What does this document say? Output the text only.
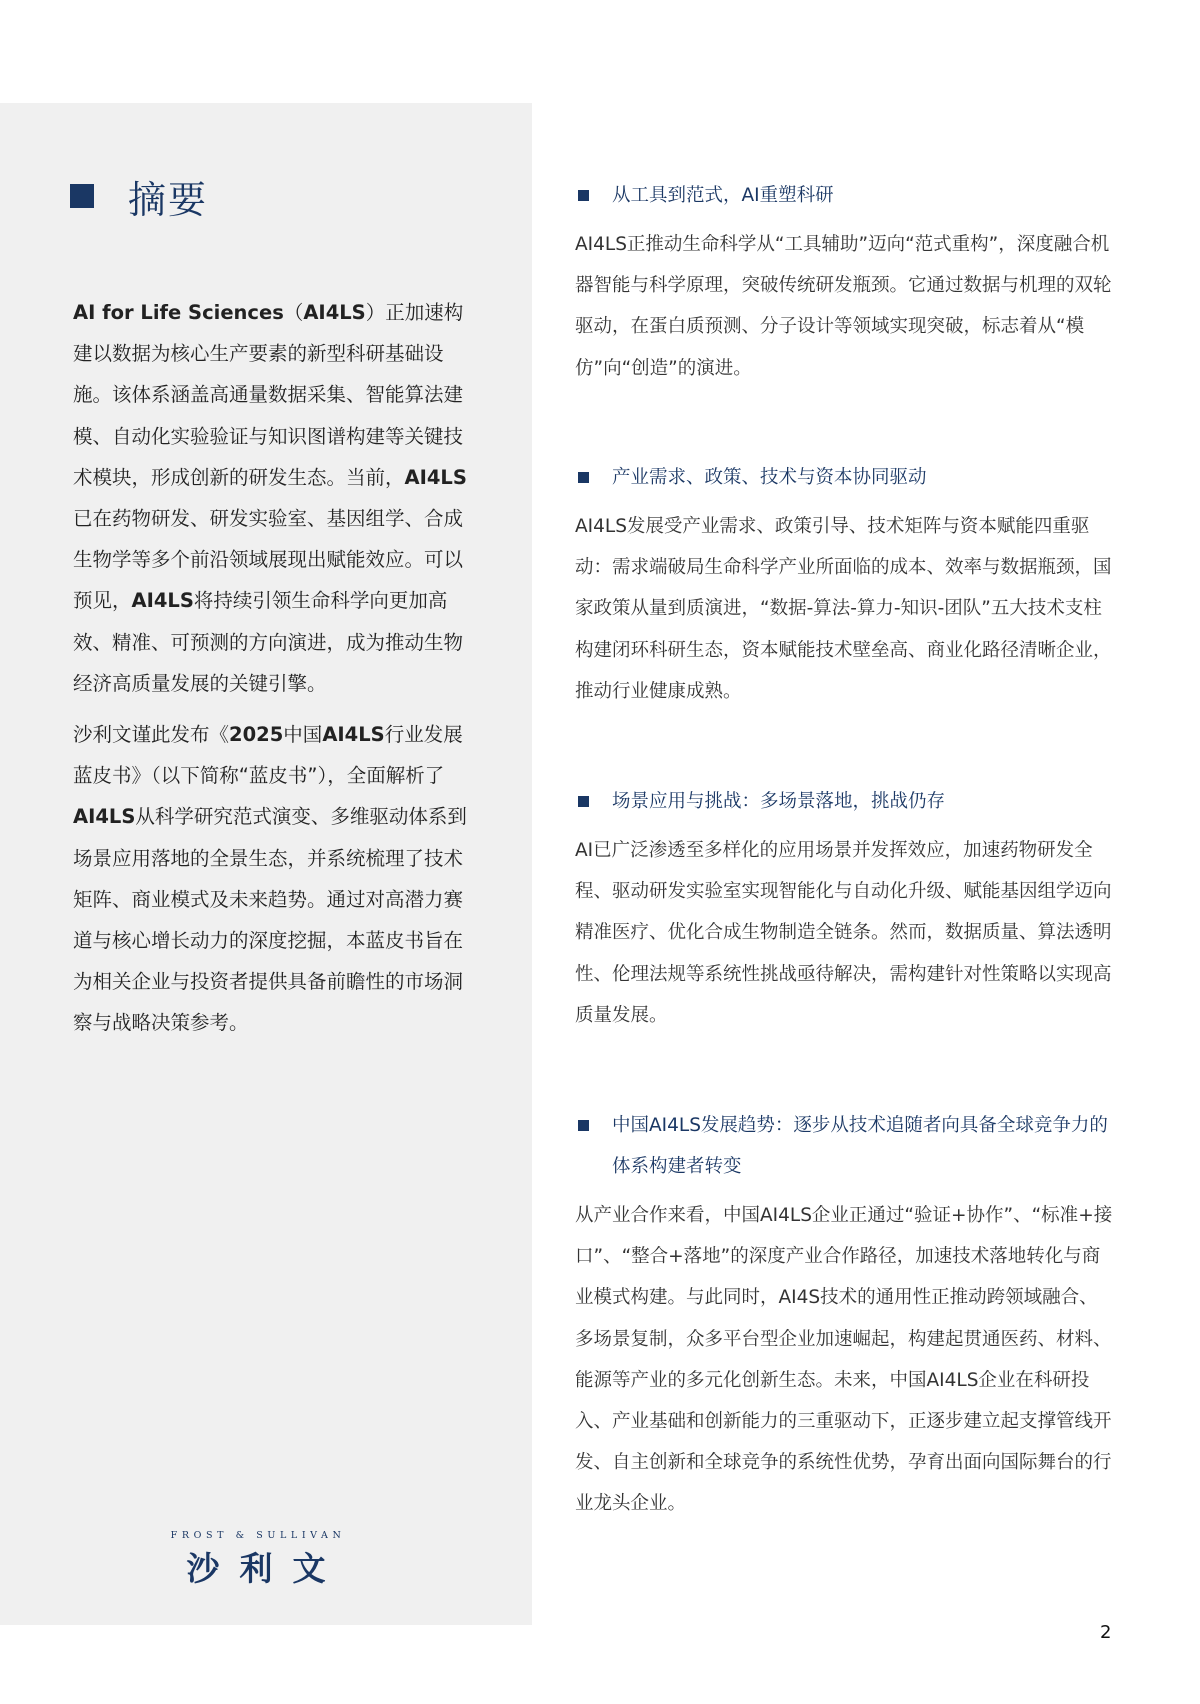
摘要

AI for Life Sciences（AI4LS）正加速构建以数据为核心生产要素的新型科研基础设施。该体系涵盖高通量数据采集、智能算法建模、自动化实验验证与知识图谱构建等关键技术模块，形成创新的研发生态。当前，AI4LS已在药物研发、研发实验室、基因组学、合成生物学等多个前沿领域展现出赋能效应。可以预见，AI4LS将持续引领生命科学向更加高效、精准、可预测的方向演进，成为推动生物经济高质量发展的关键引擎。

沙利文谨此发布《2025中国AI4LS行业发展蓝皮书》（以下简称“蓝皮书”），全面解析了AI4LS从科学研究范式演变、多维驱动体系到场景应用落地的全景生态，并系统梳理了技术矩阵、商业模式及未来趋势。通过对高潜力赛道与核心增长动力的深度挖掘，本蓝皮书旨在为相关企业与投资者提供具备前瞻性的市场洞察与战略决策参考。

FROST & SULLIVAN
沙利文
从工具到范式，AI重塑科研

AI4LS正推动生命科学从“工具辅助”迈向“范式重构”，深度融合机器智能与科学原理，突破传统研发瓶颈。它通过数据与机理的双轮驱动，在蛋白质预测、分子设计等领域实现突破，标志着从“模仿”向“创造”的演进。

产业需求、政策、技术与资本协同驱动

AI4LS发展受产业需求、政策引导、技术矩阵与资本赋能四重驱动：需求端破局生命科学产业所面临的成本、效率与数据瓶颈，国家政策从量到质演进，“数据-算法-算力-知识-团队”五大技术支柱构建闭环科研生态，资本赋能技术壁垒高、商业化路径清晰企业，推动行业健康成熟。

场景应用与挑战：多场景落地，挑战仍存

AI已广泛渗透至多样化的应用场景并发挥效应，加速药物研发全程、驱动研发实验室实现智能化与自动化升级、赋能基因组学迈向精准医疗、优化合成生物制造全链条。然而，数据质量、算法透明性、伦理法规等系统性挑战亟待解决，需构建针对性策略以实现高质量发展。

中国AI4LS发展趋势：逐步从技术追随者向具备全球竞争力的体系构建者转变

从产业合作来看，中国AI4LS企业正通过“验证+协作”、“标准+接口”、“整合+落地”的深度产业合作路径，加速技术落地转化与商业模式构建。与此同时，AI4S技术的通用性正推动跨领域融合、多场景复制，众多平台型企业加速崛起，构建起贯通医药、材料、能源等产业的多元化创新生态。未来，中国AI4LS企业在科研投入、产业基础和创新能力的三重驱动下，正逐步建立起支撑管线开发、自主创新和全球竞争的系统性优势，孕育出面向国际舞台的行业龙头企业。

2
